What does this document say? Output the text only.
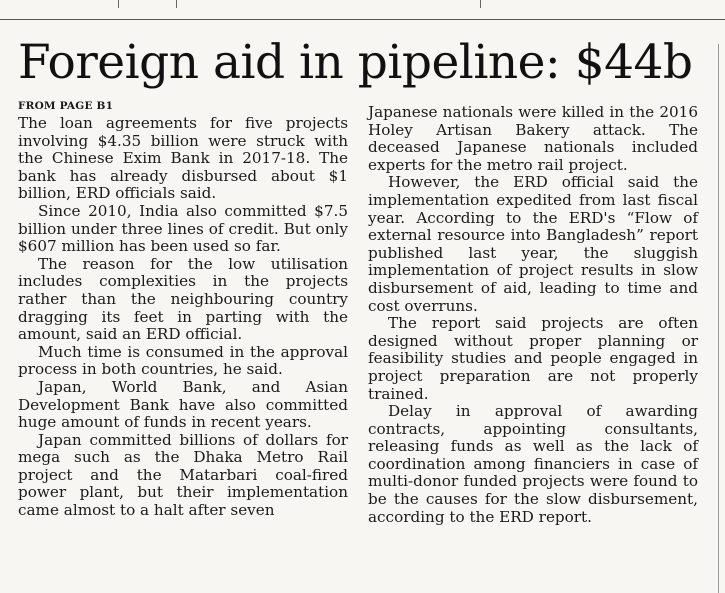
Foreign aid in pipeline: $44b
FROM PAGE B1

The loan agreements for five projects involving $4.35 billion were struck with the Chinese Exim Bank in 2017-18. The bank has already disbursed about $1 billion, ERD officials said.

Since 2010, India also committed $7.5 billion under three lines of credit. But only $607 million has been used so far.

The reason for the low utilisation includes complexities in the projects rather than the neighbouring country dragging its feet in parting with the amount, said an ERD official.

Much time is consumed in the approval process in both countries, he said.

Japan, World Bank, and Asian Development Bank have also committed huge amount of funds in recent years.

Japan committed billions of dollars for mega such as the Dhaka Metro Rail project and the Matarbari coal-fired power plant, but their implementation came almost to a halt after seven

Japanese nationals were killed in the 2016 Holey Artisan Bakery attack. The deceased Japanese nationals included experts for the metro rail project.

However, the ERD official said the implementation expedited from last fiscal year. According to the ERD's “Flow of external resource into Bangladesh” report published last year, the sluggish implementation of project results in slow disbursement of aid, leading to time and cost overruns.

The report said projects are often designed without proper planning or feasibility studies and people engaged in project preparation are not properly trained.

Delay in approval of awarding contracts, appointing consultants, releasing funds as well as the lack of coordination among financiers in case of multi-donor funded projects were found to be the causes for the slow disbursement, according to the ERD report.
